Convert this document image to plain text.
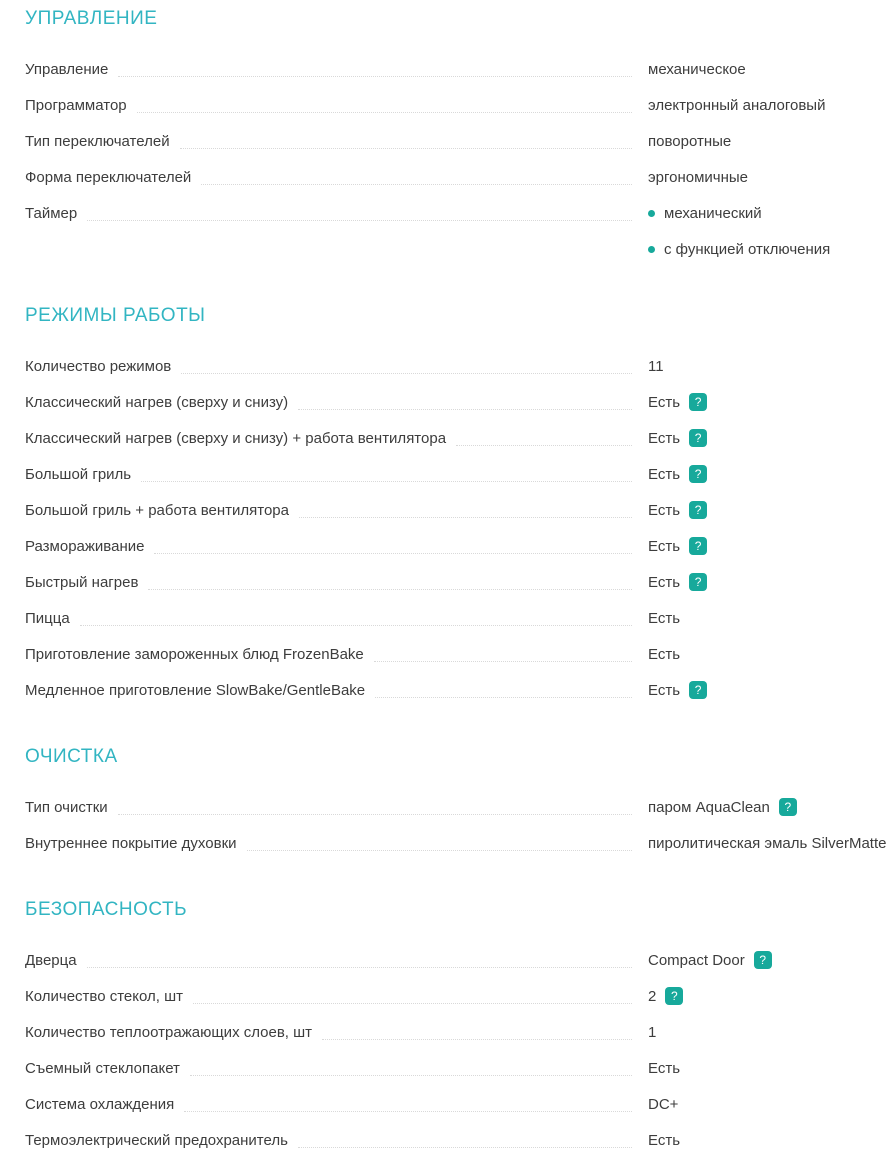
УПРАВЛЕНИЕ
Управление	механическое
Программатор	электронный аналоговый
Тип переключателей	поворотные
Форма переключателей	эргономичные
Таймер	механический
с функцией отключения
РЕЖИМЫ РАБОТЫ
Количество режимов	11
Классический нагрев (сверху и снизу)	Есть	?
Классический нагрев (сверху и снизу) + работа вентилятора	Есть	?
Большой гриль	Есть	?
Большой гриль + работа вентилятора	Есть	?
Размораживание	Есть	?
Быстрый нагрев	Есть	?
Пицца	Есть
Приготовление замороженных блюд FrozenBake	Есть
Медленное приготовление SlowBake/GentleBake	Есть	?
ОЧИСТКА
Тип очистки	паром AquaClean	?
Внутреннее покрытие духовки	пиролитическая эмаль SilverMatte
БЕЗОПАСНОСТЬ
Дверца	Compact Door	?
Количество стекол, шт	2	?
Количество теплоотражающих слоев, шт	1
Съемный стеклопакет	Есть
Система охлаждения	DC+
Термоэлектрический предохранитель	Есть
